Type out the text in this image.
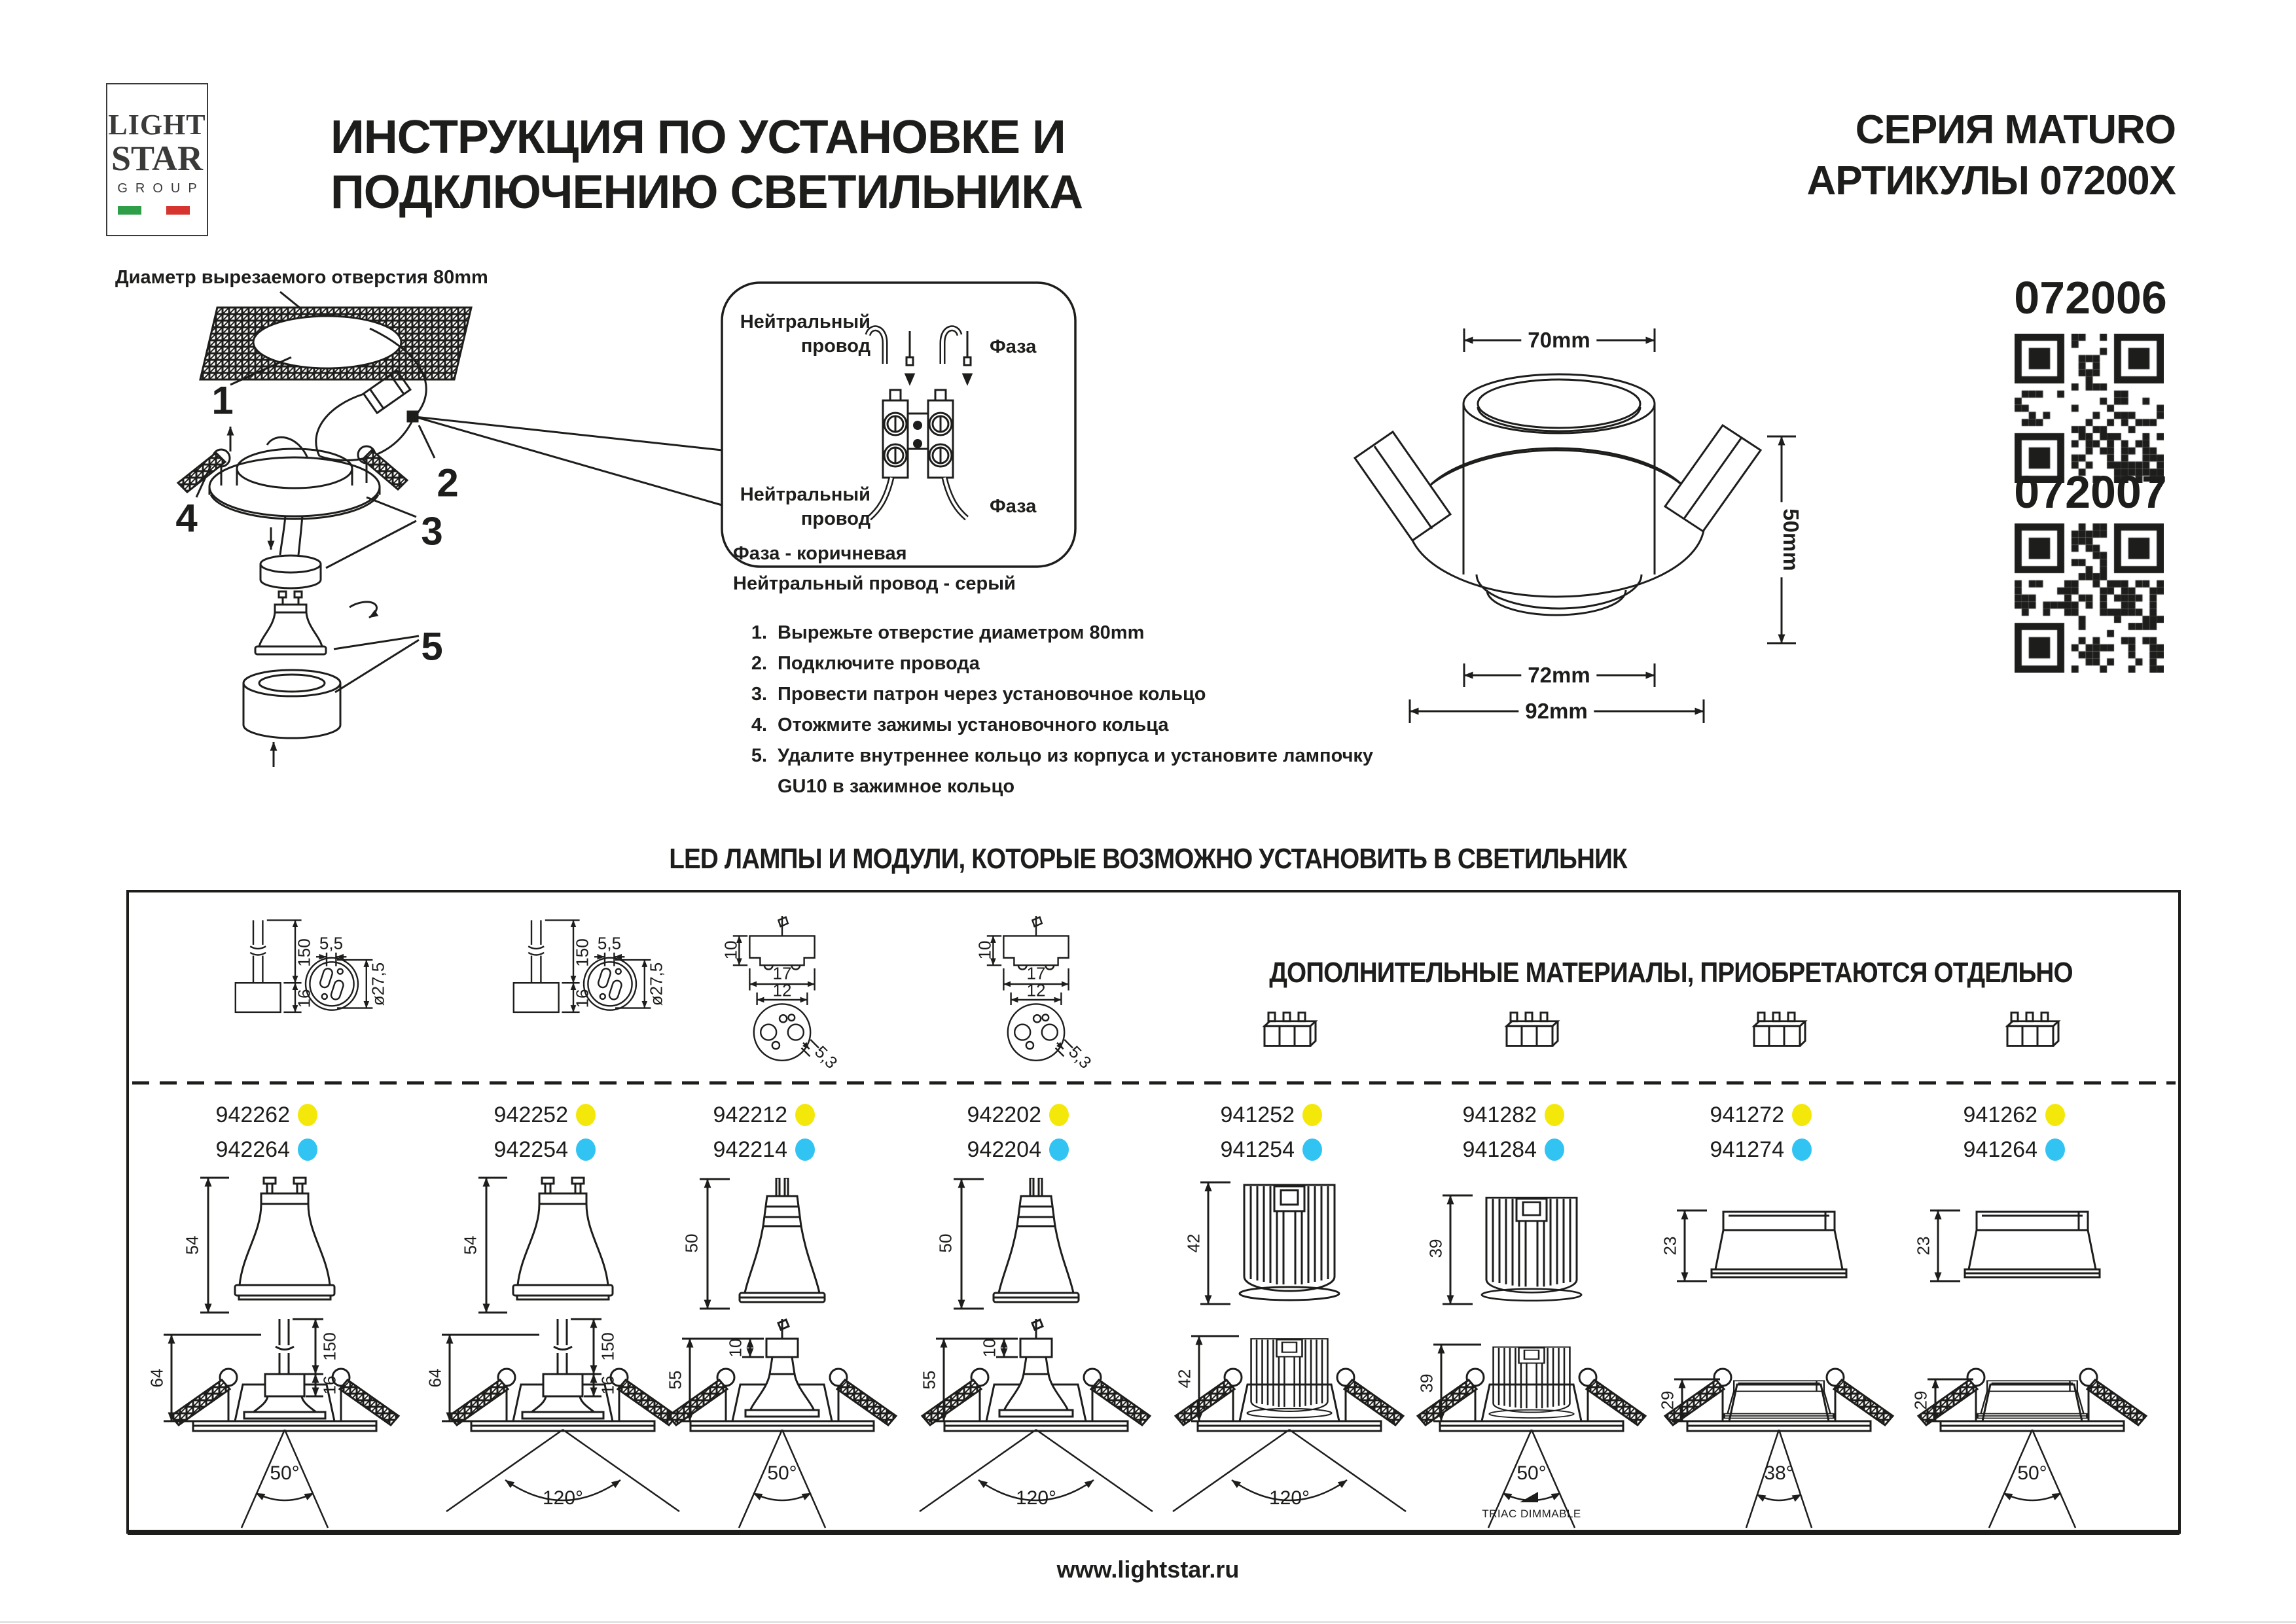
LIGHT
STAR
GROUP
ИНСТРУКЦИЯ ПО УСТАНОВКЕ И
ПОДКЛЮЧЕНИЮ СВЕТИЛЬНИКА
СЕРИЯ MATURO
АРТИКУЛЫ 07200X
072006
072007
Диаметр вырезаемого отверстия 80mm
1
2
3
4
5
Нейтральный провод	Фаза
Нейтральный провод
Фаза
Фаза - коричневая
Нейтральный провод - серый
1. Вырежьте отверстие диаметром 80mm
2. Подключите провода
3. Провести патрон через установочное кольцо
4. Отожмите зажимы установочного кольца
5. Удалите внутреннее кольцо из корпуса и установите лампочку GU10 в зажимное кольцо
70mm
50mm
72mm
92mm
LED ЛАМПЫ И МОДУЛИ, КОТОРЫЕ ВОЗМОЖНО УСТАНОВИТЬ В СВЕТИЛЬНИК
ДОПОЛНИТЕЛЬНЫЕ МАТЕРИАЛЫ, ПРИОБРЕТАЮТСЯ ОТДЕЛЬНО
942262
942264
942252
942254
942212
942214
942202
942204
941252
941254
941282
941284
941272
941274
941262
941264
150
16
5,5
ø27,5
150
16
5,5
ø27,5
10
17
12
5,3
10
17
12
5,3
54	54	50	50	42	39	23	23
150
16
64
150
16
64
10
55
10
55	42	39
29	29
50°
120°
50°
120°	120°
50°
TRIAC DIMMABLE
38°	50°
www.lightstar.ru
